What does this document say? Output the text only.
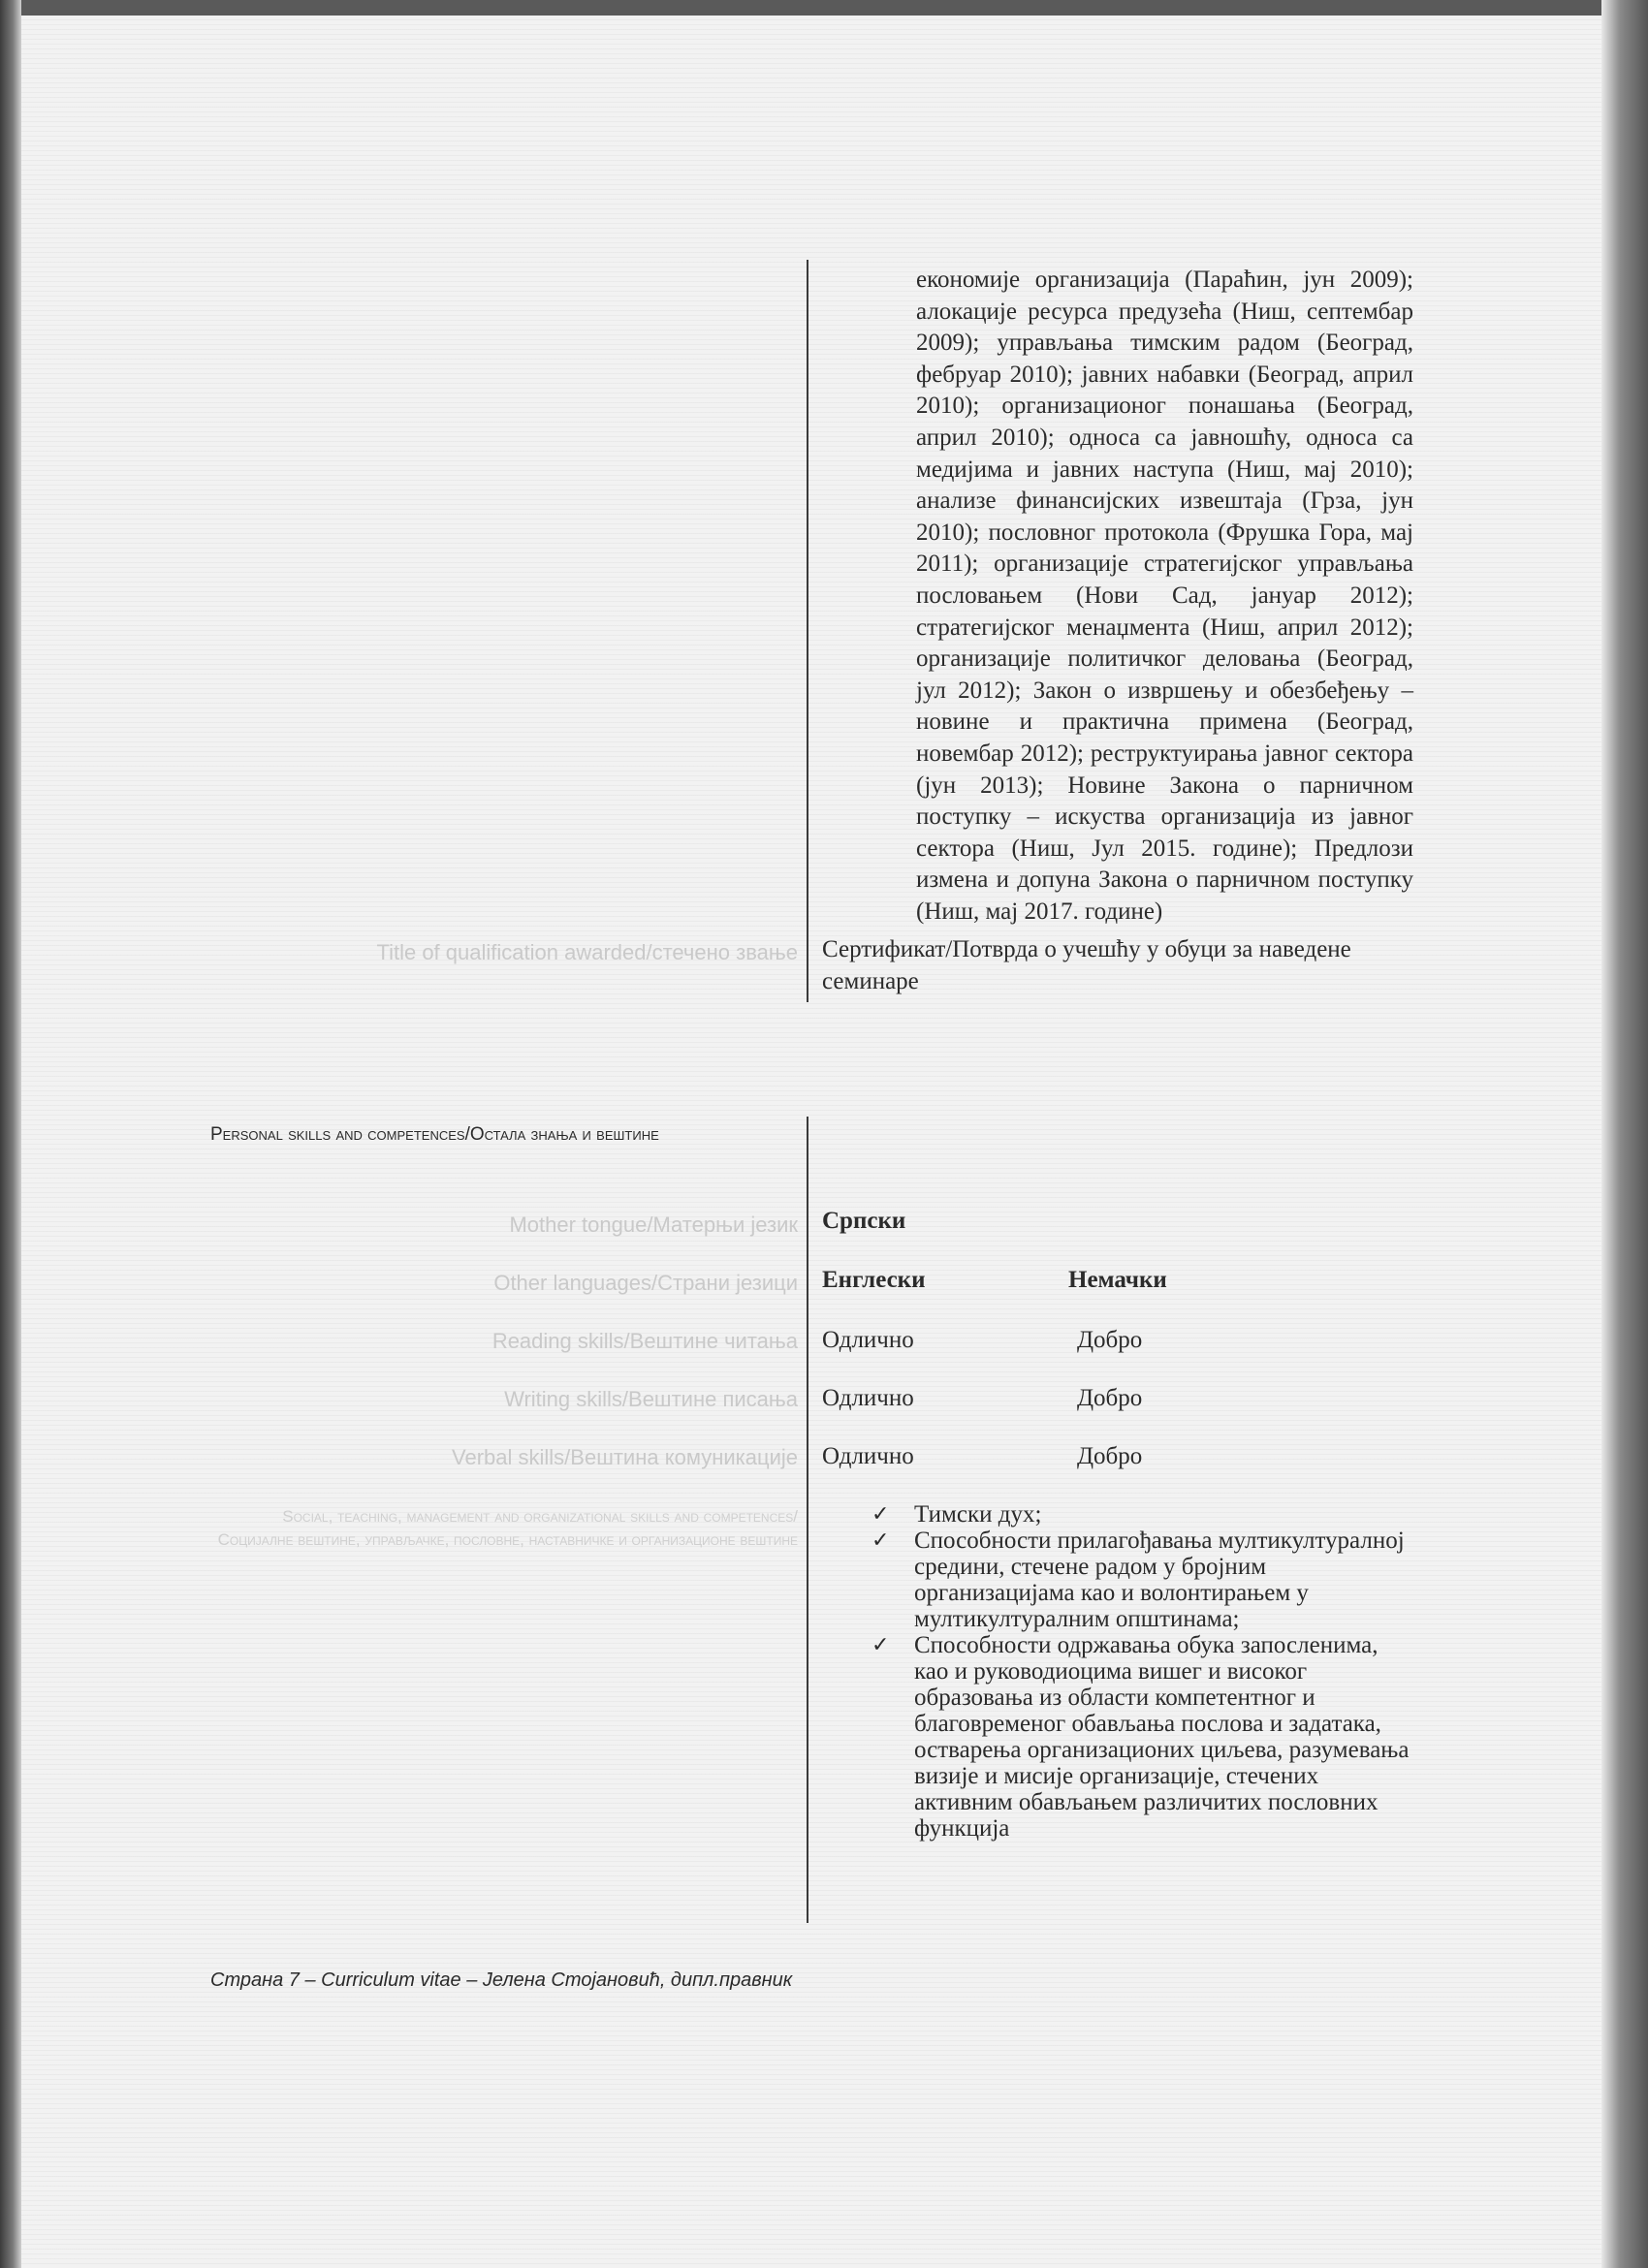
економије организација (Параћин, јун 2009); алокације ресурса предузећа (Ниш, септембар 2009); управљања тимским радом (Београд, фебруар 2010); јавних набавки (Београд, април 2010); организационог понашања (Београд, април 2010); односа са јавношћу, односа са медијима и јавних наступа (Ниш, мај 2010); анализе финансијских извештаја (Грза, јун 2010); пословног протокола (Фрушка Гора, мај 2011); организације стратегијског управљања пословањем (Нови Сад, јануар 2012); стратегијског менаџмента (Ниш, април 2012); организације политичког деловања (Београд, јул 2012); Закон о извршењу и обезбеђењу – новине и практична примена (Београд, новембар 2012); реструктуирања јавног сектора (јун 2013); Новине Закона о парничном поступку – искуства организација из јавног сектора (Ниш, Јул 2015. године); Предлози измена и допуна Закона о парничном поступку (Ниш, мај 2017. године)

Title of qualification awarded/стечено звање Сертификат/Потврда о учешћу у обуци за наведене
семинаре

Personal skills and competences/Остала знања и вештине

Mother tongue/Матерњи језик Српски
Other languages/Страни језици Енглески	Немачки
Reading skills/Вештине читања Одлично	Добро
Writing skills/Вештине писања Одлично	Добро
Verbal skills/Вештина комуникације Одлично	Добро

Social, teaching, management and organizational skills and competences/Социјалне вештине, управљачке, пословне, наставничке и организационе вештине

✓ Тимски дух;
✓ Способности прилагођавања мултикултуралној средини, стечене радом у бројним организацијама као и волонтирањем у мултикултуралним општинама;
✓ Способности одржавања обука запосленима, као и руководиоцима вишег и високог образовања из области компетентног и благовременог обављања послова и задатака, остварења организационих циљева, разумевања визије и мисије организације, стечених активним обављањем различитих пословних функција
Страна 7 – Curriculum vitae – Јелена Стојановић, дипл.правник
